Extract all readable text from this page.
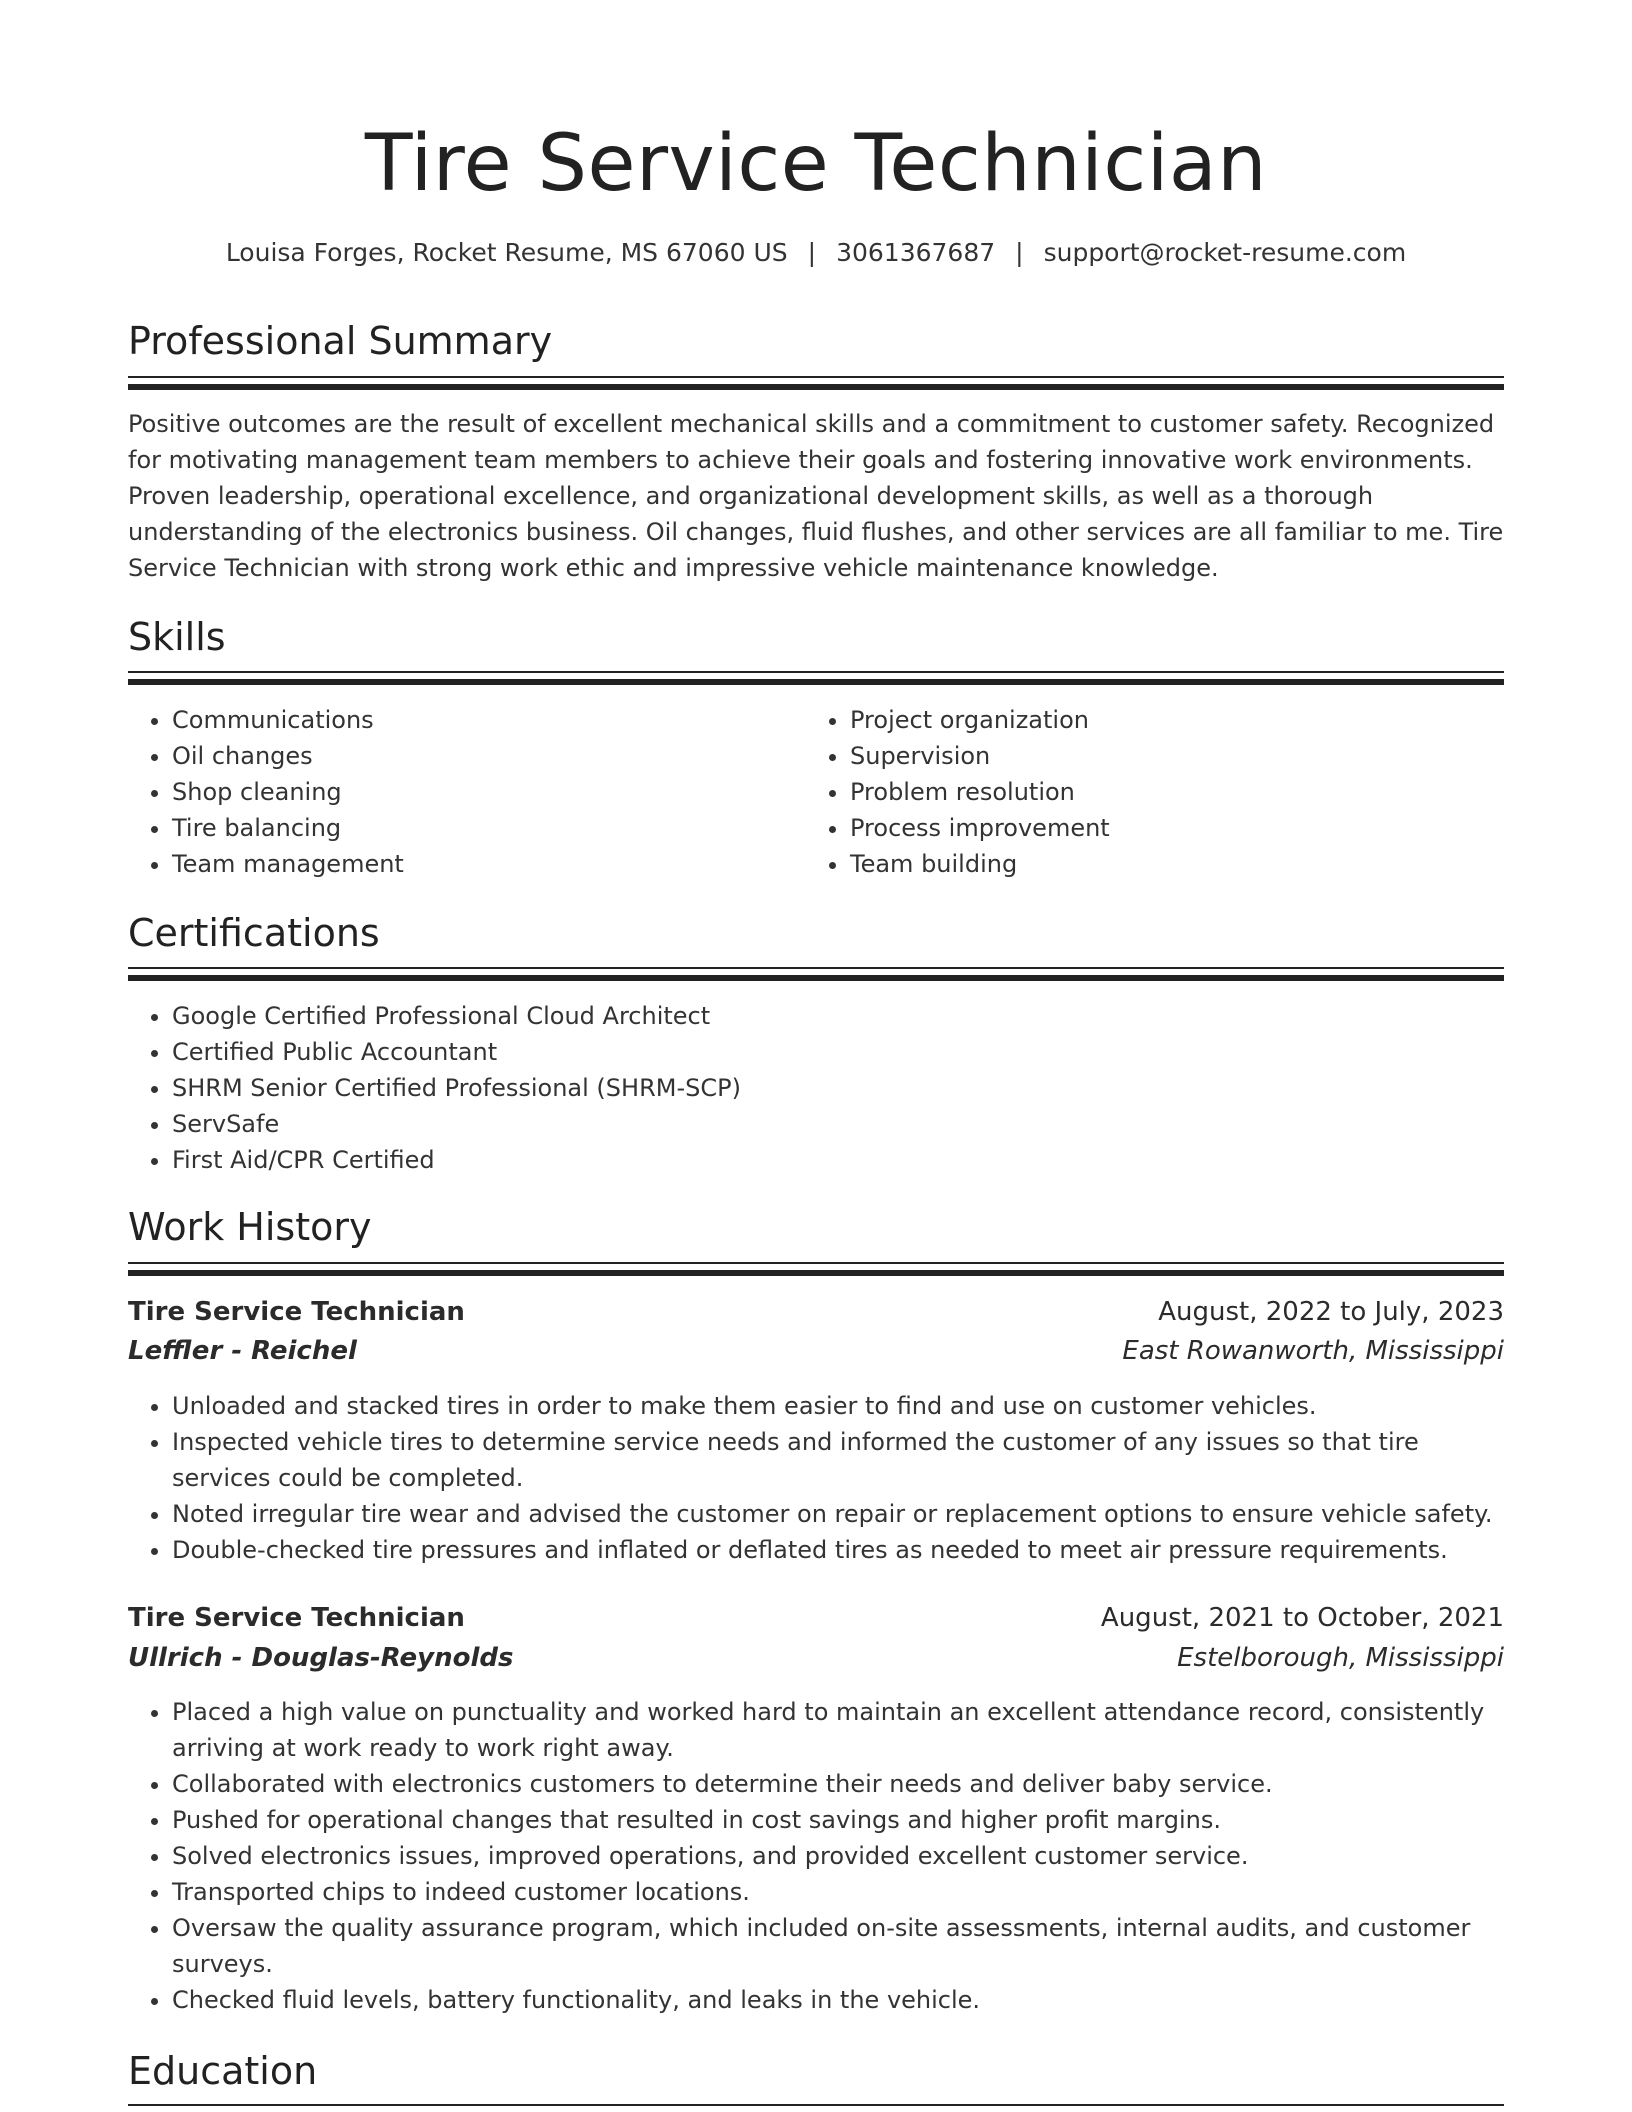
Tire Service Technician
Louisa Forges, Rocket Resume, MS 67060 US | 3061367687 | support@rocket-resume.com
Professional Summary

Positive outcomes are the result of excellent mechanical skills and a commitment to customer safety. Recognized for motivating management team members to achieve their goals and fostering innovative work environments. Proven leadership, operational excellence, and organizational development skills, as well as a thorough understanding of the electronics business. Oil changes, fluid flushes, and other services are all familiar to me. Tire Service Technician with strong work ethic and impressive vehicle maintenance knowledge.

Skills
• Communications
• Oil changes
• Shop cleaning
• Tire balancing
• Team management
• Project organization
• Supervision
• Problem resolution
• Process improvement
• Team building
Certifications
• Google Certified Professional Cloud Architect
• Certified Public Accountant
• SHRM Senior Certified Professional (SHRM-SCP)
• ServSafe
• First Aid/CPR Certified
Work History
Tire Service Technician	August, 2022 to July, 2023
Leffler - Reichel	East Rowanworth, Mississippi
• Unloaded and stacked tires in order to make them easier to find and use on customer vehicles.
• Inspected vehicle tires to determine service needs and informed the customer of any issues so that tire services could be completed.
• Noted irregular tire wear and advised the customer on repair or replacement options to ensure vehicle safety.
• Double-checked tire pressures and inflated or deflated tires as needed to meet air pressure requirements.
Tire Service Technician	August, 2021 to October, 2021
Ullrich - Douglas-Reynolds	Estelborough, Mississippi
• Placed a high value on punctuality and worked hard to maintain an excellent attendance record, consistently arriving at work ready to work right away.
• Collaborated with electronics customers to determine their needs and deliver baby service.
• Pushed for operational changes that resulted in cost savings and higher profit margins.
• Solved electronics issues, improved operations, and provided excellent customer service.
• Transported chips to indeed customer locations.
• Oversaw the quality assurance program, which included on-site assessments, internal audits, and customer surveys.
• Checked fluid levels, battery functionality, and leaks in the vehicle.
Education
